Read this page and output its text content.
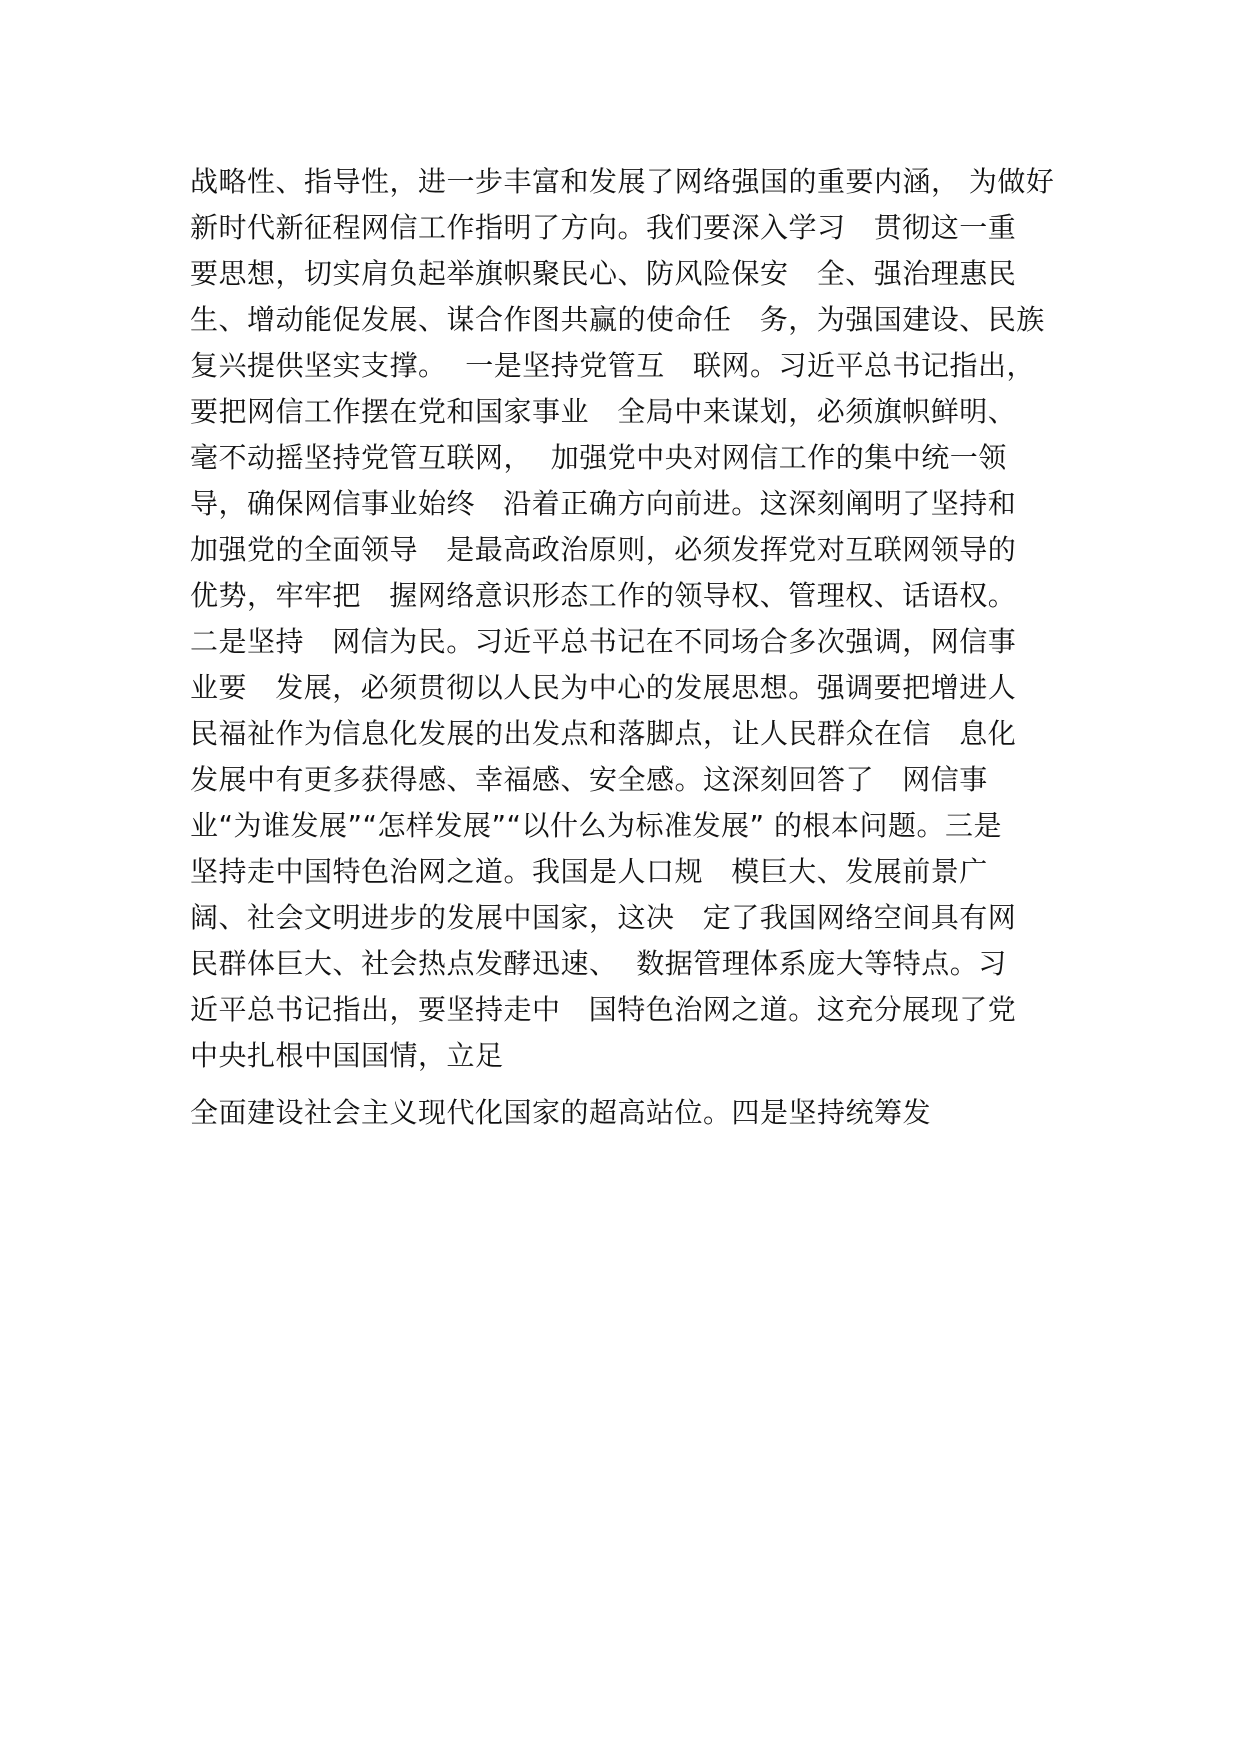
战略性、指导性，进一步丰富和发展了网络强国的重要内涵， 为做好
新时代新征程网信工作指明了方向。我们要深入学习   贯彻这一重
要思想，切实肩负起举旗帜聚民心、防风险保安   全、强治理惠民
生、增动能促发展、谋合作图共赢的使命任   务，为强国建设、民族
复兴提供坚实支撑。  一是坚持党管互   联网。习近平总书记指出，
要把网信工作摆在党和国家事业   全局中来谋划，必须旗帜鲜明、
毫不动摇坚持党管互联网，  加强党中央对网信工作的集中统一领
导，确保网信事业始终   沿着正确方向前进。这深刻阐明了坚持和
加强党的全面领导   是最高政治原则，必须发挥党对互联网领导的
优势，牢牢把   握网络意识形态工作的领导权、管理权、话语权。
二是坚持   网信为民。习近平总书记在不同场合多次强调，网信事
业要   发展，必须贯彻以人民为中心的发展思想。强调要把增进人
民福祉作为信息化发展的出发点和落脚点，让人民群众在信   息化
发展中有更多获得感、幸福感、安全感。这深刻回答了   网信事
业“为谁发展”“怎样发展”“以什么为标准发展” 的根本问题。三是
坚持走中国特色治网之道。我国是人口规   模巨大、发展前景广
阔、社会文明进步的发展中国家，这决   定了我国网络空间具有网
民群体巨大、社会热点发酵迅速、  数据管理体系庞大等特点。习
近平总书记指出，要坚持走中   国特色治网之道。这充分展现了党
中央扎根中国国情，立足
全面建设社会主义现代化国家的超高站位。四是坚持统筹发
